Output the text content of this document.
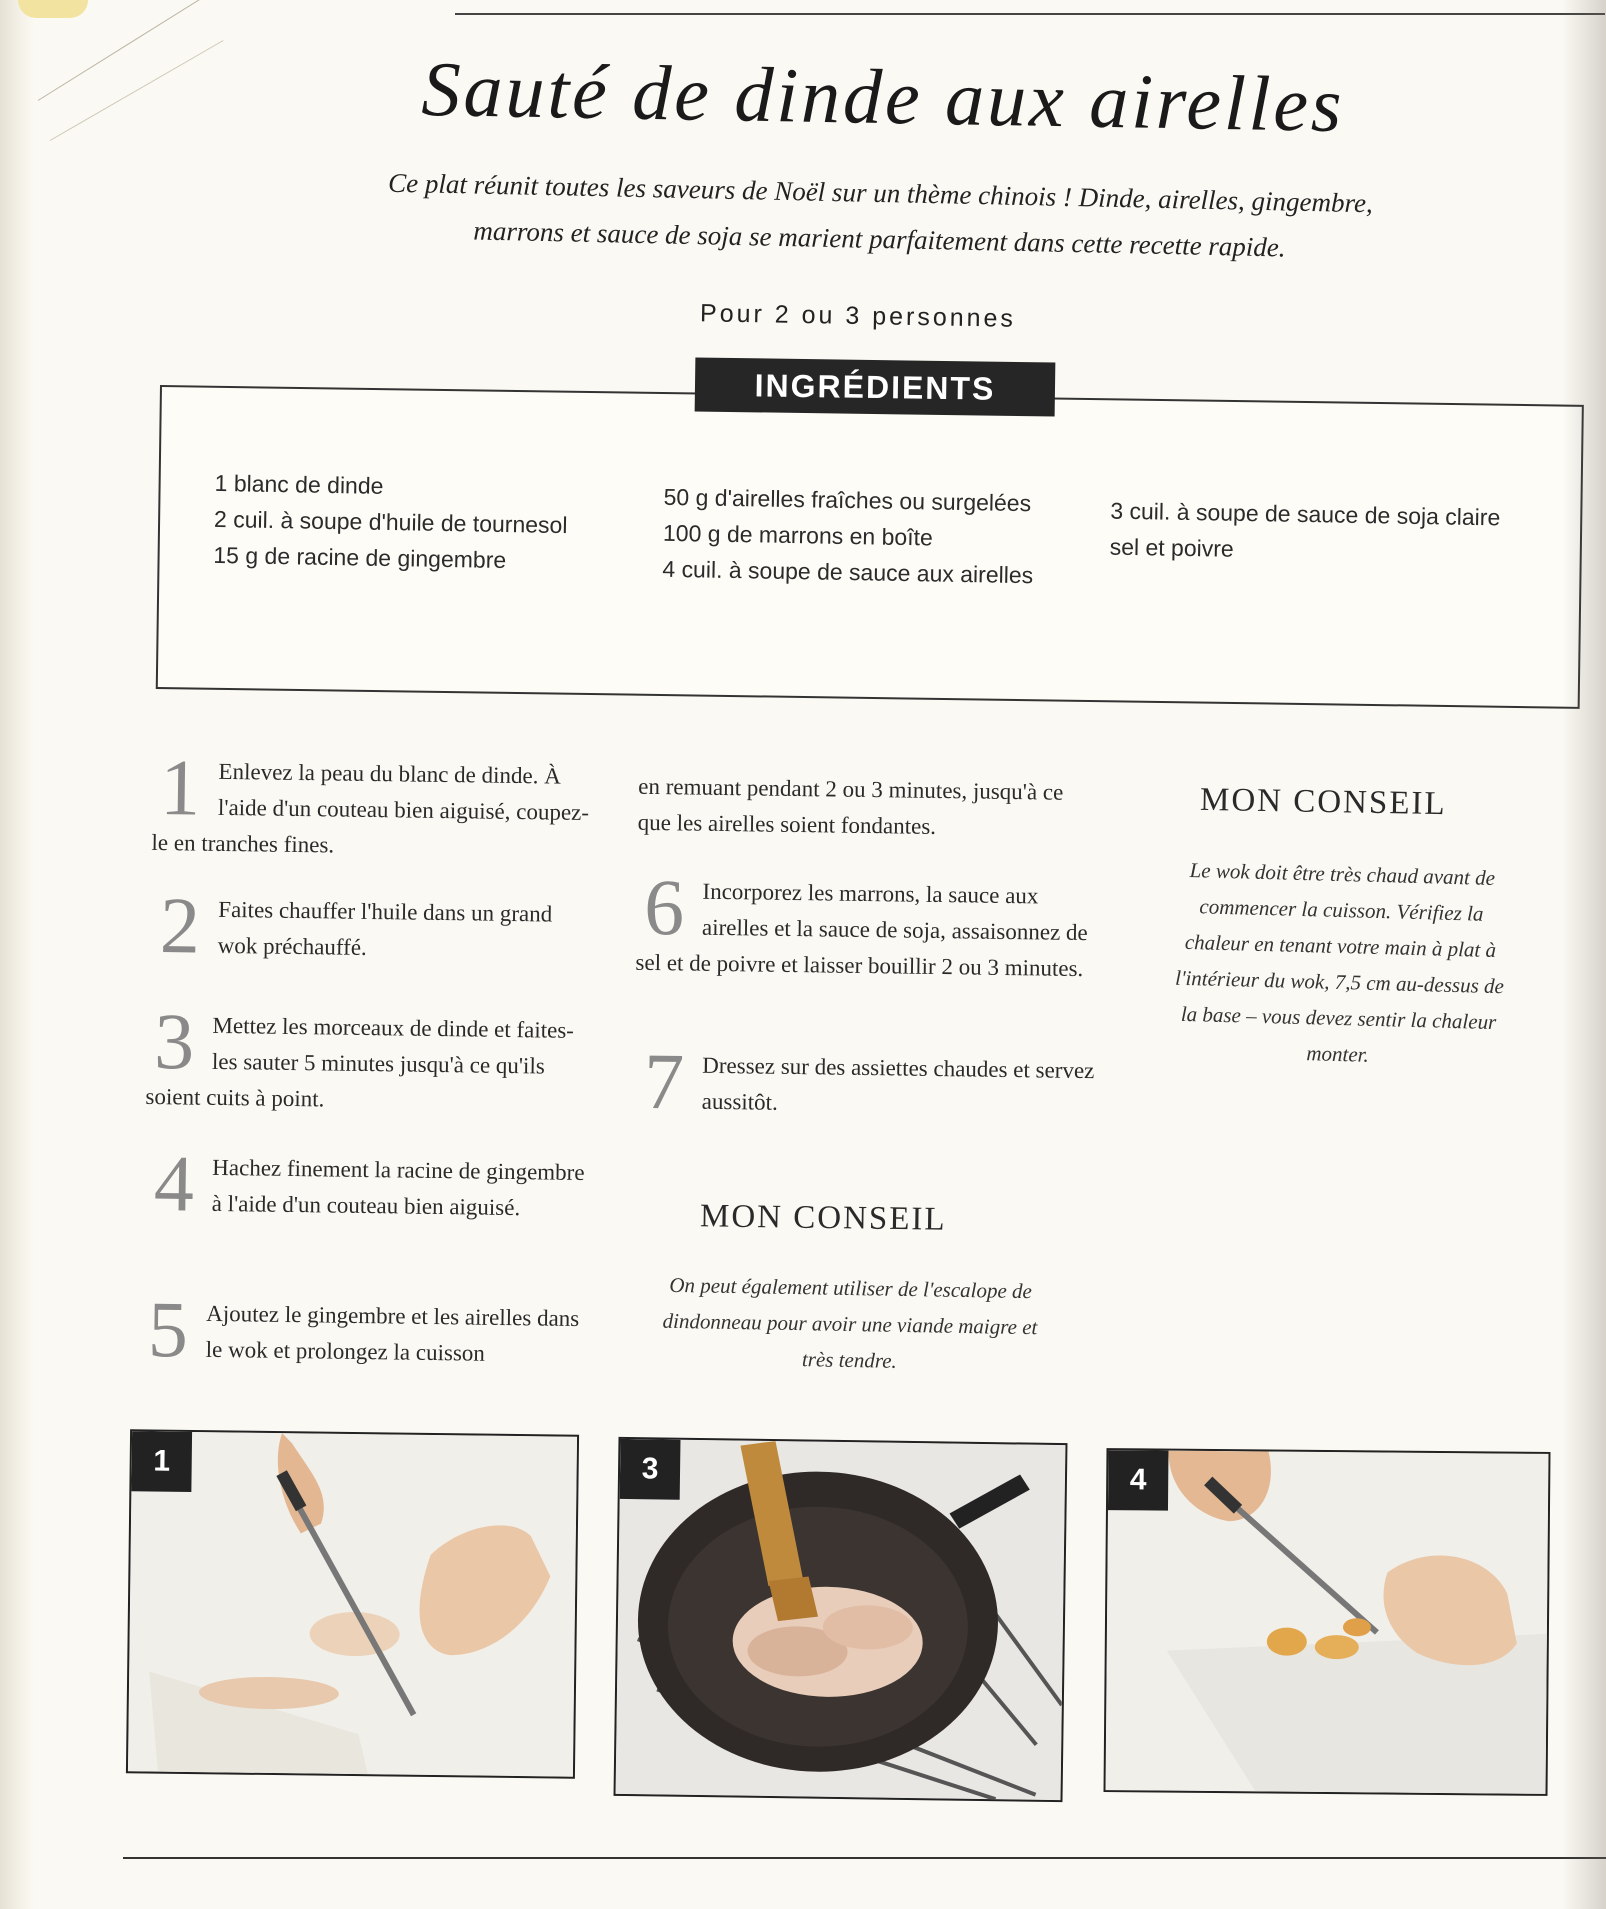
Sauté de dinde aux airelles
Ce plat réunit toutes les saveurs de Noël sur un thème chinois ! Dinde, airelles, gingembre,
marrons et sauce de soja se marient parfaitement dans cette recette rapide.
Pour 2 ou 3 personnes
INGRÉDIENTS
1 blanc de dinde
2 cuil. à soupe d'huile de tournesol
15 g de racine de gingembre
50 g d'airelles fraîches ou surgelées
100 g de marrons en boîte
4 cuil. à soupe de sauce aux airelles
3 cuil. à soupe de sauce de soja claire
sel et poivre
1 Enlevez la peau du blanc de dinde. À l'aide d'un couteau bien aiguisé, coupez-le en tranches fines.
2 Faites chauffer l'huile dans un grand wok préchauffé.
3 Mettez les morceaux de dinde et faites-les sauter 5 minutes jusqu'à ce qu'ils soient cuits à point.
4 Hachez finement la racine de gingembre à l'aide d'un couteau bien aiguisé.
5 Ajoutez le gingembre et les airelles dans le wok et prolongez la cuisson
en remuant pendant 2 ou 3 minutes, jusqu'à ce que les airelles soient fondantes.
6 Incorporez les marrons, la sauce aux airelles et la sauce de soja, assaisonnez de sel et de poivre et laisser bouillir 2 ou 3 minutes.
7 Dressez sur des assiettes chaudes et servez aussitôt.
MON CONSEIL
Le wok doit être très chaud avant de commencer la cuisson. Vérifiez la chaleur en tenant votre main à plat à l'intérieur du wok, 7,5 cm au-dessus de la base – vous devez sentir la chaleur monter.
MON CONSEIL
On peut également utiliser de l'escalope de dindonneau pour avoir une viande maigre et très tendre.
1	3	4
